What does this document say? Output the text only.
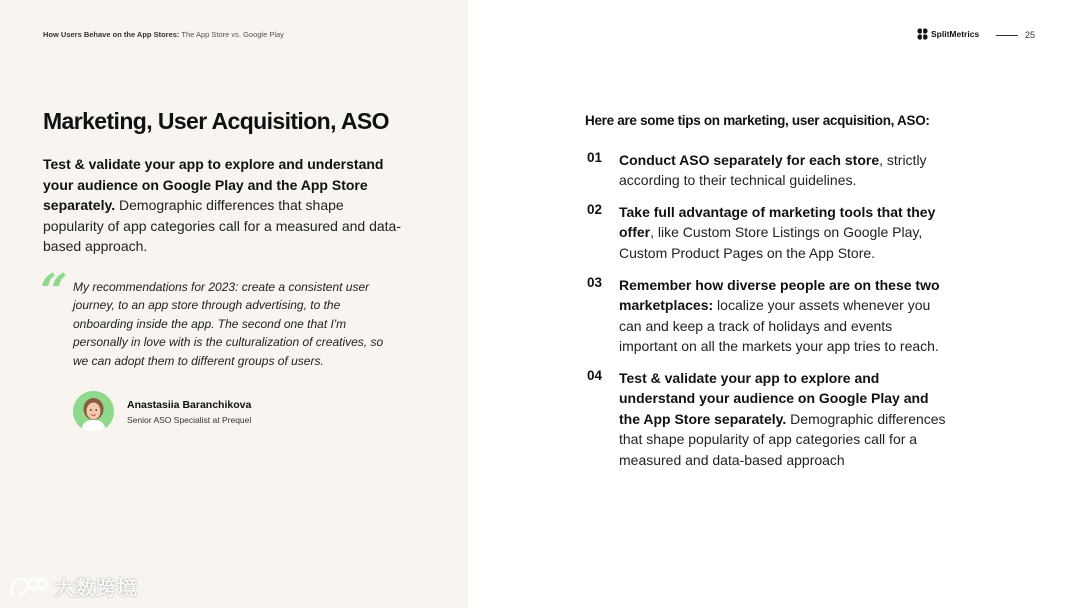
How Users Behave on the App Stores: The App Store vs. Google Play
Marketing, User Acquisition, ASO
Test & validate your app to explore and understand your audience on Google Play and the App Store separately. Demographic differences that shape popularity of app categories call for a measured and data-based approach.
“ My recommendations for 2023: create a consistent user journey, to an app store through advertising, to the onboarding inside the app. The second one that I'm personally in love with is the culturalization of creatives, so we can adopt them to different groups of users.
Anastasiia Baranchikova
Senior ASO Specialist at Prequel
SplitMetrics	25
Here are some tips on marketing, user acquisition, ASO:
01 Conduct ASO separately for each store, strictly according to their technical guidelines.
02 Take full advantage of marketing tools that they offer, like Custom Store Listings on Google Play, Custom Product Pages on the App Store.
03 Remember how diverse people are on these two marketplaces: localize your assets whenever you can and keep a track of holidays and events important on all the markets your app tries to reach.
04 Test & validate your app to explore and understand your audience on Google Play and the App Store separately. Demographic differences that shape popularity of app categories call for a measured and data-based approach
大数跨境
